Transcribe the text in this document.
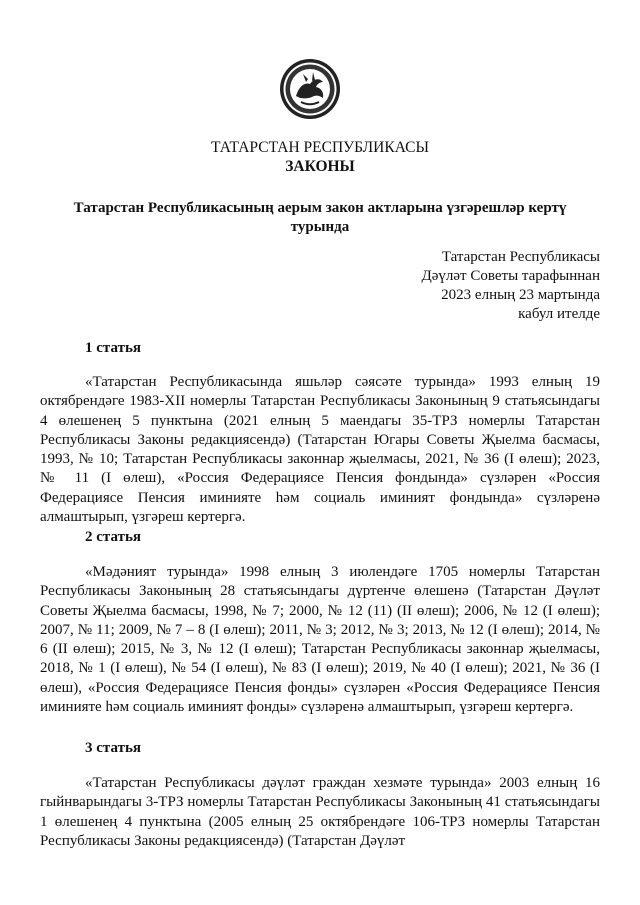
ТАТАРСТАН РЕСПУБЛИКАСЫ
ЗАКОНЫ
Татарстан Республикасының аерым закон актларына үзгәрешләр кертү турында
Татарстан Республикасы
Дәүләт Советы тарафыннан
2023 елның 23 мартында
кабул ителде
1 статья
«Татарстан Республикасында яшьләр сәясәте турында» 1993 елның 19 октябрендәге 1983-XII номерлы Татарстан Республикасы Законының 9 статьясындагы 4 өлешенең 5 пунктына (2021 елның 5 маендагы 35-ТРЗ номерлы Татарстан Республикасы Законы редакциясендә) (Татарстан Югары Советы Җыелма басмасы, 1993, № 10; Татарстан Республикасы законнар җыелмасы, 2021, № 36 (I өлеш); 2023, № 11 (I өлеш), «Россия Федерациясе Пенсия фондында» сүзләрен «Россия Федерациясе Пенсия иминияте һәм социаль иминият фондында» сүзләренә алмаштырып, үзгәреш кертергә.
2 статья
«Мәдәният турында» 1998 елның 3 июлендәге 1705 номерлы Татарстан Республикасы Законының 28 статьясындагы дүртенче өлешенә (Татарстан Дәүләт Советы Җыелма басмасы, 1998, № 7; 2000, № 12 (11) (II өлеш); 2006, № 12 (I өлеш); 2007, № 11; 2009, № 7 – 8 (I өлеш); 2011, № 3; 2012, № 3; 2013, № 12 (I өлеш); 2014, № 6 (II өлеш); 2015, № 3, № 12 (I өлеш); Татарстан Республикасы законнар җыелмасы, 2018, № 1 (I өлеш), № 54 (I өлеш), № 83 (I өлеш); 2019, № 40 (I өлеш); 2021, № 36 (I өлеш), «Россия Федерациясе Пенсия фонды» сүзләрен «Россия Федерациясе Пенсия иминияте һәм социаль иминият фонды» сүзләренә алмаштырып, үзгәреш кертергә.
3 статья
«Татарстан Республикасы дәүләт граждан хезмәте турында» 2003 елның 16 гыйнварындагы 3-ТРЗ номерлы Татарстан Республикасы Законының 41 статьясындагы 1 өлешенең 4 пунктына (2005 елның 25 октябрендәге 106-ТРЗ номерлы Татарстан Республикасы Законы редакциясендә) (Татарстан Дәүләт
